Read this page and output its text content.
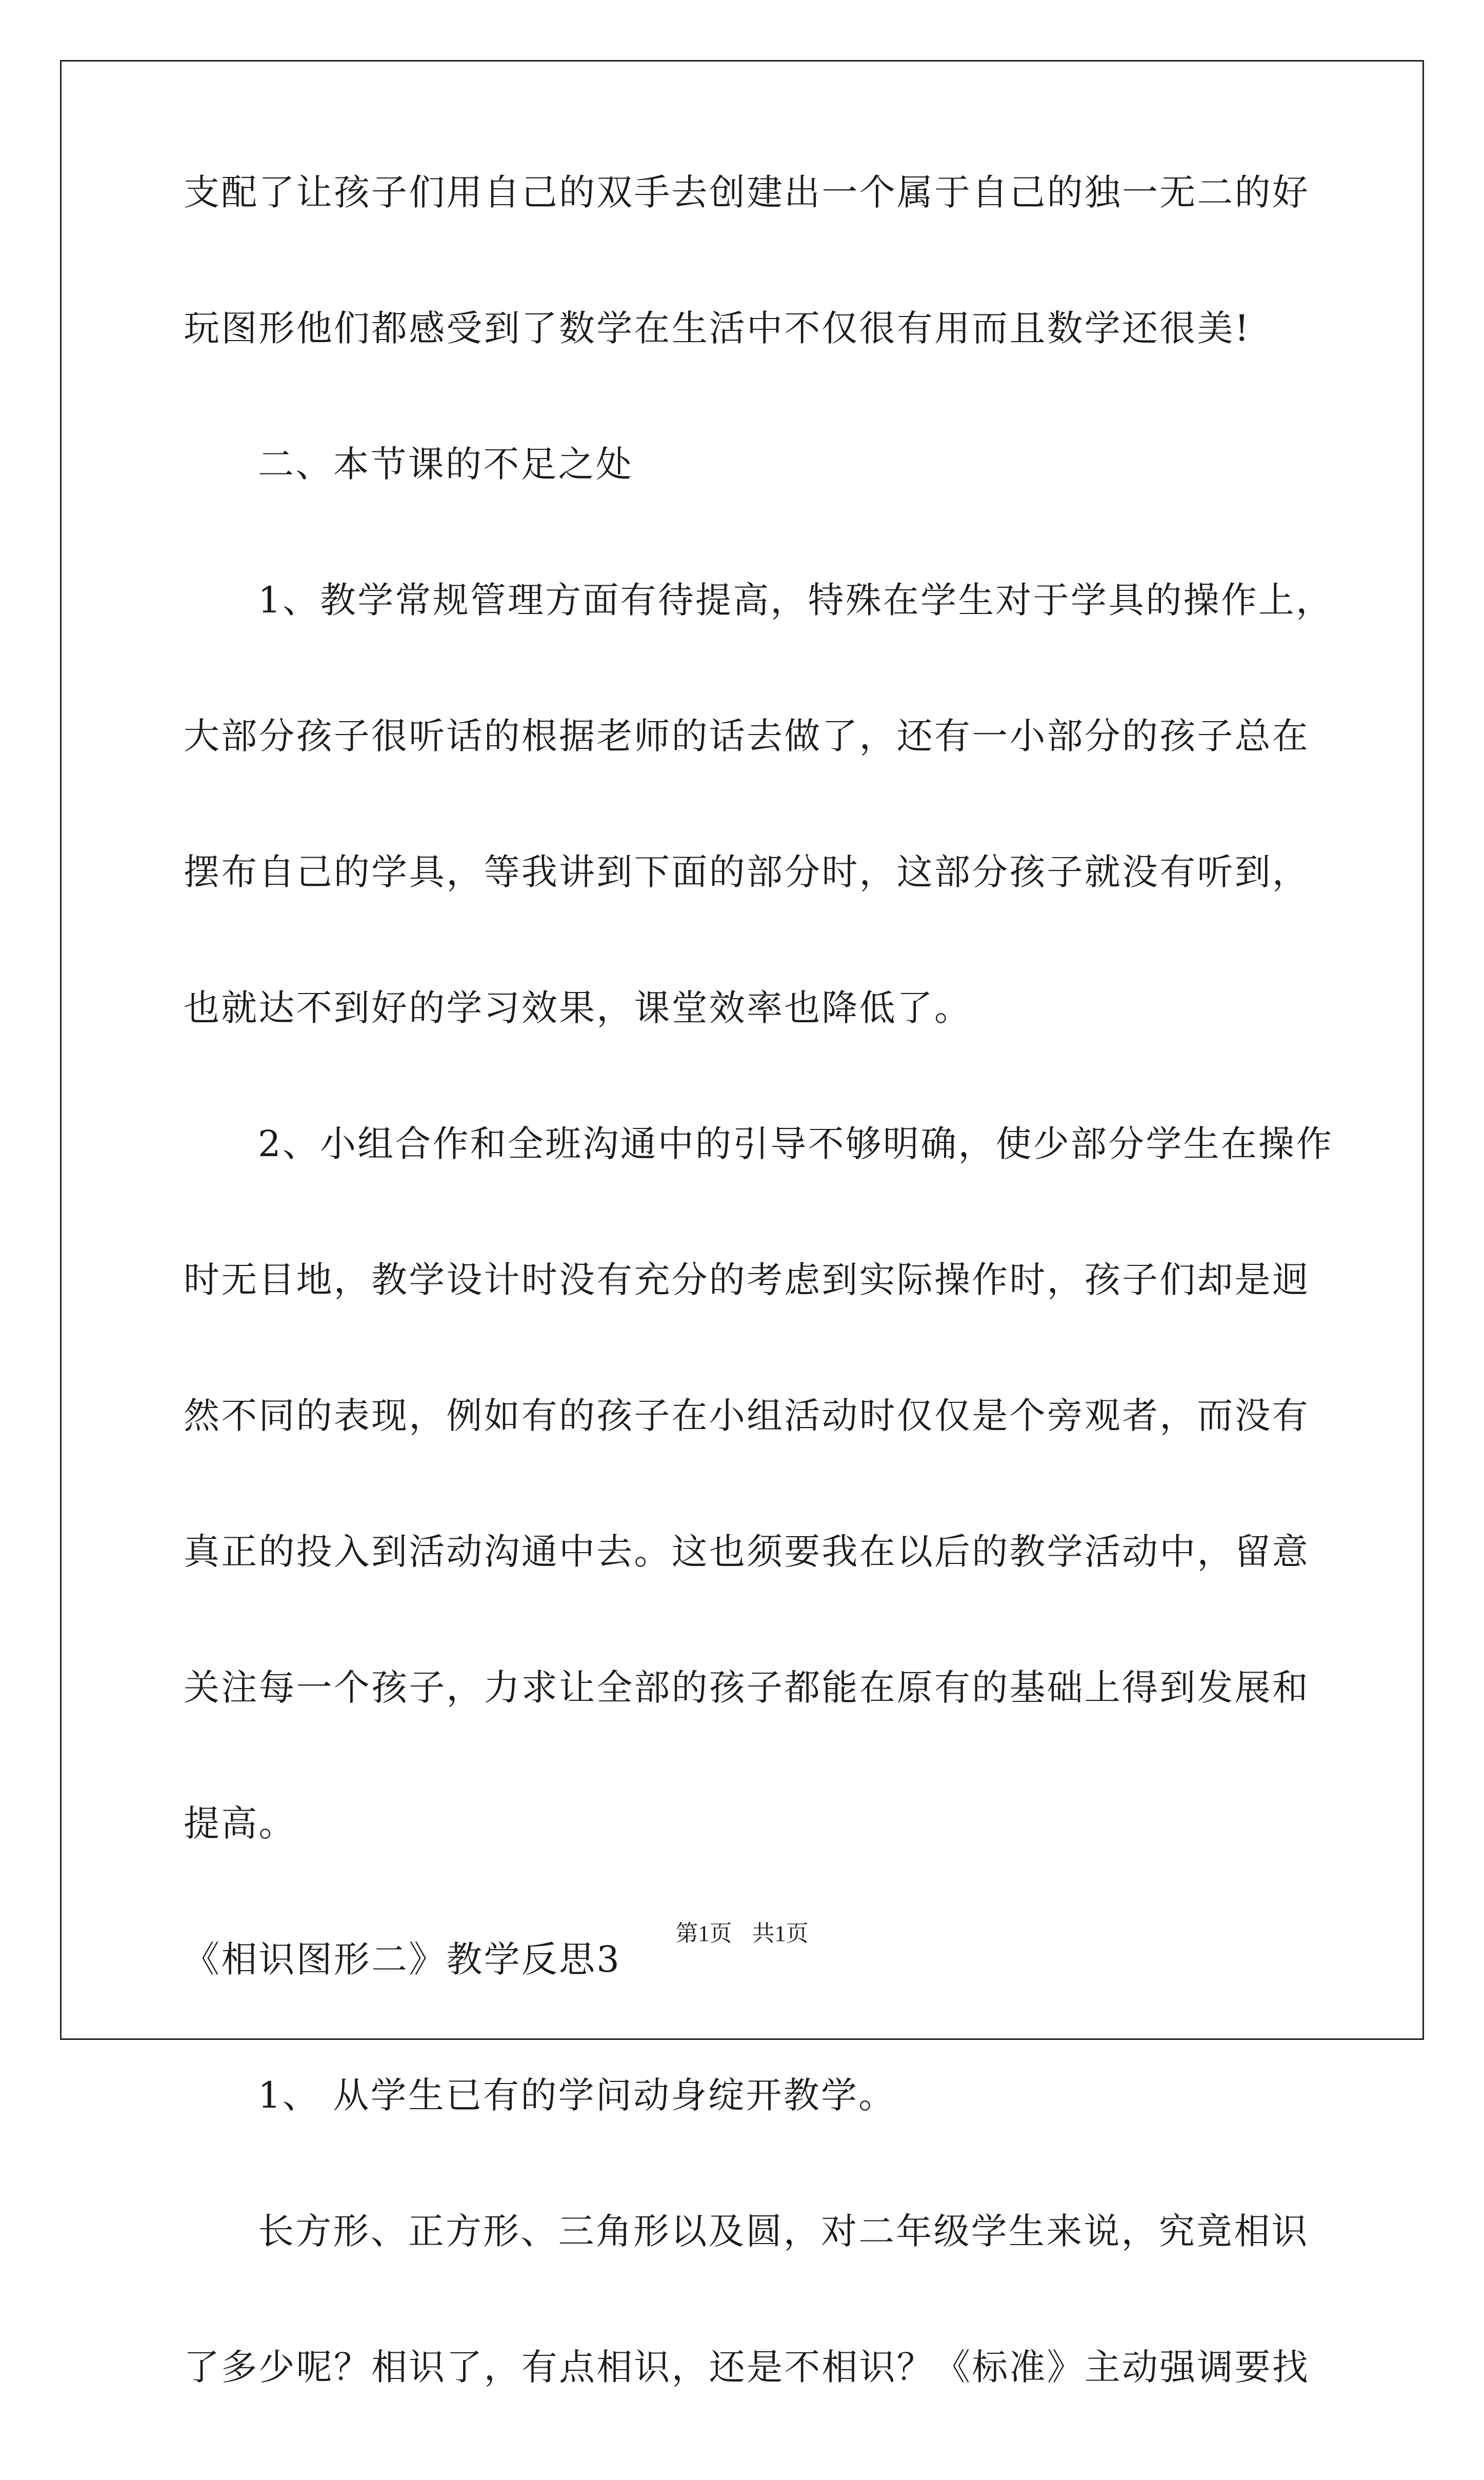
支配了让孩子们用自己的双手去创建出一个属于自己的独一无二的好
玩图形他们都感受到了数学在生活中不仅很有用而且数学还很美!
二、本节课的不足之处
1、教学常规管理方面有待提高，特殊在学生对于学具的操作上，
大部分孩子很听话的根据老师的话去做了，还有一小部分的孩子总在
摆布自己的学具，等我讲到下面的部分时，这部分孩子就没有听到，
也就达不到好的学习效果，课堂效率也降低了。
2、小组合作和全班沟通中的引导不够明确，使少部分学生在操作
时无目地，教学设计时没有充分的考虑到实际操作时，孩子们却是迥
然不同的表现，例如有的孩子在小组活动时仅仅是个旁观者，而没有
真正的投入到活动沟通中去。这也须要我在以后的教学活动中，留意
关注每一个孩子，力求让全部的孩子都能在原有的基础上得到发展和
提高。
《相识图形二》教学反思3
1、 从学生已有的学问动身绽开教学。
长方形、正方形、三角形以及圆，对二年级学生来说，究竟相识
了多少呢？相识了，有点相识，还是不相识？《标准》主动强调要找
第1页 共1页
